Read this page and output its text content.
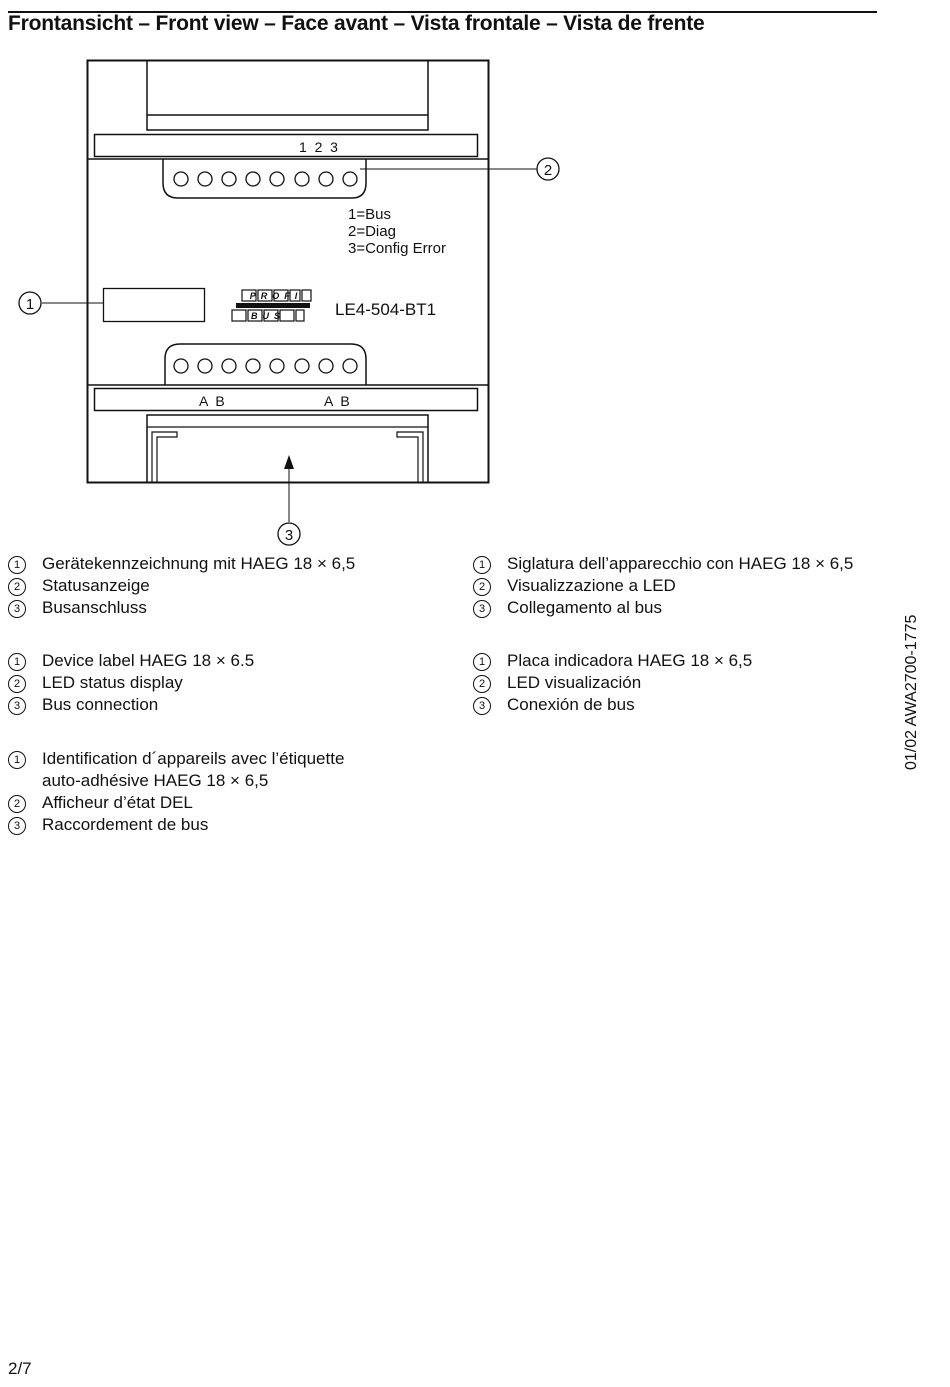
Frontansicht – Front view – Face avant – Vista frontale – Vista de frente
1  2  3
2
1=Bus
2=Diag
3=Config Error
1	PROFI
BUS	LE4-504-BT1
A  B	A  B
3
1	Gerätekennzeichnung mit HAEG 18 × 6,5
2	Statusanzeige
3	Busanschluss
1	Device label HAEG 18 × 6.5
2	LED status display
3	Bus connection
1	Identification d´appareils avec l’étiquette
auto-adhésive HAEG 18 × 6,5
2	Afficheur d’état DEL
3	Raccordement de bus
1	Siglatura dell’apparecchio con HAEG 18 × 6,5
2	Visualizzazione a LED
3	Collegamento al bus
1	Placa indicadora HAEG 18 × 6,5
2	LED visualización
3	Conexión de bus	01/02 AWA2700-1775
2/7
